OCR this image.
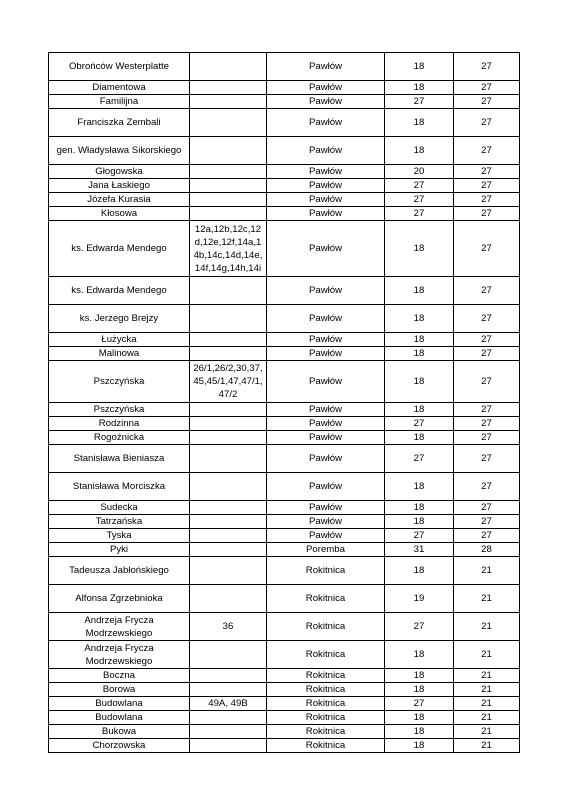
Obrońców Westerplatte		Pawłów	18	27
Diamentowa		Pawłów	18	27
Familijna		Pawłów	27	27
Franciszka Zembali		Pawłów	18	27
gen. Władysława Sikorskiego		Pawłów	18	27
Głogowska		Pawłów	20	27
Jana Łaskiego		Pawłów	27	27
Józefa Kurasia		Pawłów	27	27
Kłosowa		Pawłów	27	27
ks. Edwarda Mendego	12a,12b,12c,12d,12e,12f,14a,14b,14c,14d,14e,14f,14g,14h,14i	Pawłów	18	27
ks. Edwarda Mendego		Pawłów	18	27
ks. Jerzego Brejzy		Pawłów	18	27
Łużycka		Pawłów	18	27
Malinowa		Pawłów	18	27
Pszczyńska	26/1,26/2,30,37,45,45/1,47,47/1,47/2	Pawłów	18	27
Pszczyńska		Pawłów	18	27
Rodzinna		Pawłów	27	27
Rogoźnicka		Pawłów	18	27
Stanisława Bieniasza		Pawłów	27	27
Stanisława Morciszka		Pawłów	18	27
Sudecka		Pawłów	18	27
Tatrzańska		Pawłów	18	27
Tyska		Pawłów	27	27
Pyki		Poremba	31	28
Tadeusza Jabłońskiego		Rokitnica	18	21
Alfonsa Zgrzebnioka		Rokitnica	19	21
Andrzeja Frycza Modrzewskiego	36	Rokitnica	27	21
Andrzeja Frycza Modrzewskiego		Rokitnica	18	21
Boczna		Rokitnica	18	21
Borowa		Rokitnica	18	21
Budowlana	49A, 49B	Rokitnica	27	21
Budowlana		Rokitnica	18	21
Bukowa		Rokitnica	18	21
Chorzowska		Rokitnica	18	21
